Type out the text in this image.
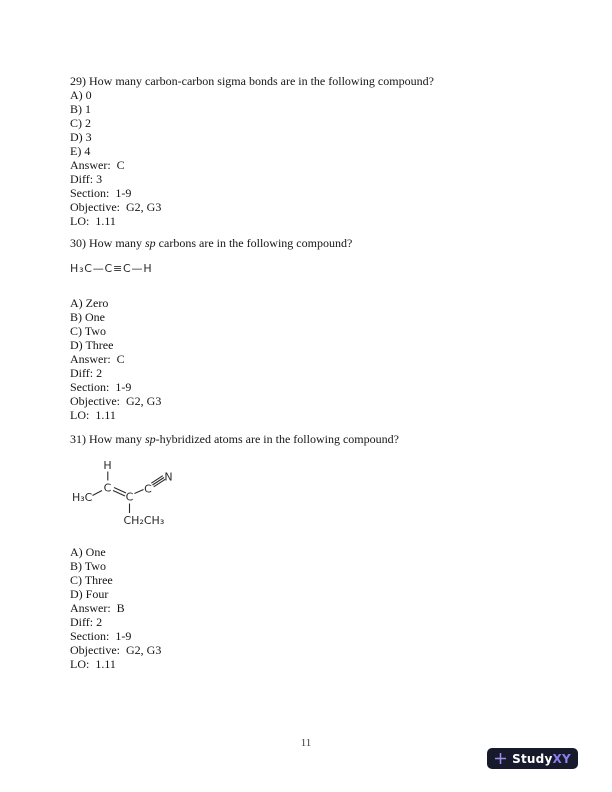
29) How many carbon-carbon sigma bonds are in the following compound?
A) 0
B) 1
C) 2
D) 3
E) 4
Answer:  C
Diff: 3
Section:  1-9
Objective:  G2, G3
LO:  1.11
30) How many sp carbons are in the following compound?
H₃C—C≡C—H
A) Zero
B) One
C) Two
D) Three
Answer:  C
Diff: 2
Section:  1-9
Objective:  G2, G3
LO:  1.11
31) How many sp-hybridized atoms are in the following compound?
H
H₃C
C
C
C
N
CH₂CH₃
A) One
B) Two
C) Three
D) Four
Answer:  B
Diff: 2
Section:  1-9
Objective:  G2, G3
LO:  1.11
11
Study XY
